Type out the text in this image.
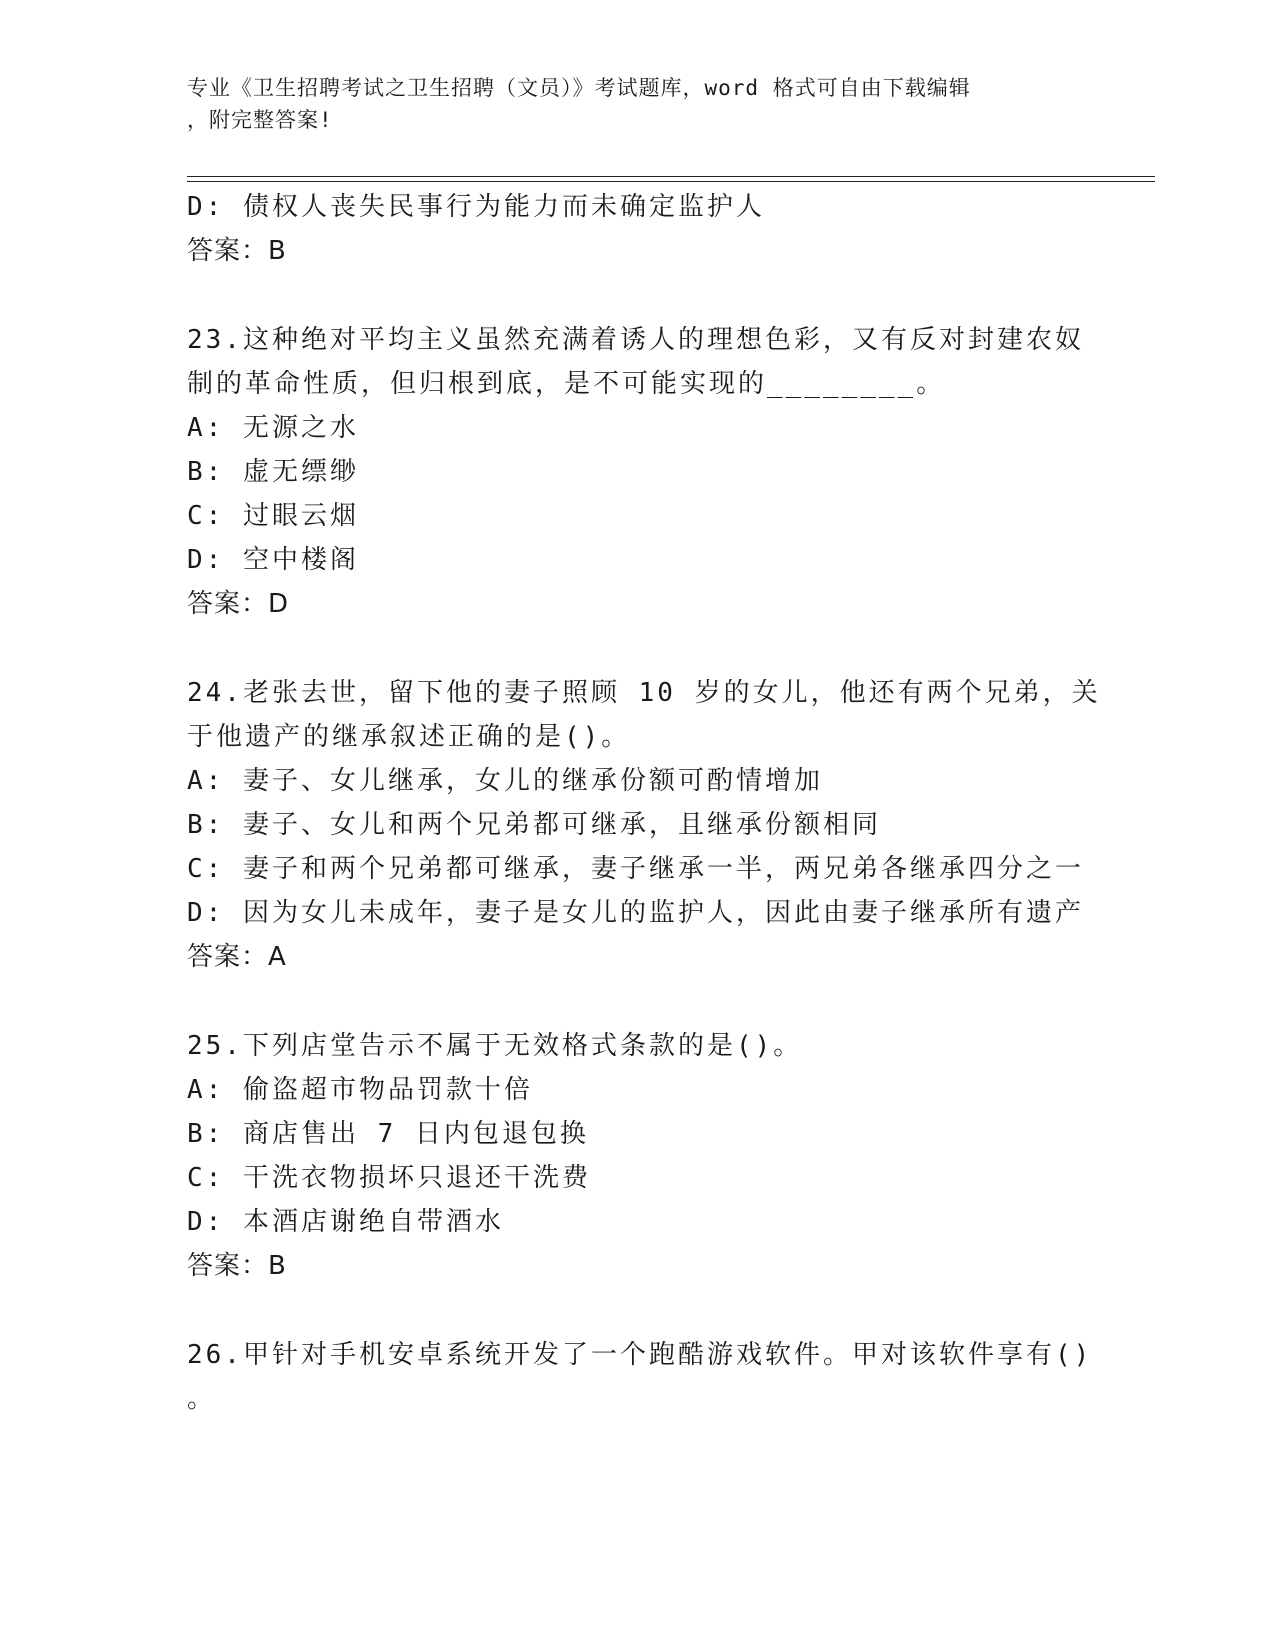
专业《卫生招聘考试之卫生招聘（文员）》考试题库，word 格式可自由下载编辑
，附完整答案!
D: 债权人丧失民事行为能力而未确定监护人
答案：B
23.这种绝对平均主义虽然充满着诱人的理想色彩，又有反对封建农奴
制的革命性质，但归根到底，是不可能实现的________。
A: 无源之水
B: 虚无缥缈
C: 过眼云烟
D: 空中楼阁
答案：D
24.老张去世，留下他的妻子照顾 10 岁的女儿，他还有两个兄弟，关
于他遗产的继承叙述正确的是()。
A: 妻子、女儿继承，女儿的继承份额可酌情增加
B: 妻子、女儿和两个兄弟都可继承，且继承份额相同
C: 妻子和两个兄弟都可继承，妻子继承一半，两兄弟各继承四分之一
D: 因为女儿未成年，妻子是女儿的监护人，因此由妻子继承所有遗产
答案：A
25.下列店堂告示不属于无效格式条款的是()。
A: 偷盗超市物品罚款十倍
B: 商店售出 7 日内包退包换
C: 干洗衣物损坏只退还干洗费
D: 本酒店谢绝自带酒水
答案：B
26.甲针对手机安卓系统开发了一个跑酷游戏软件。甲对该软件享有()
。
